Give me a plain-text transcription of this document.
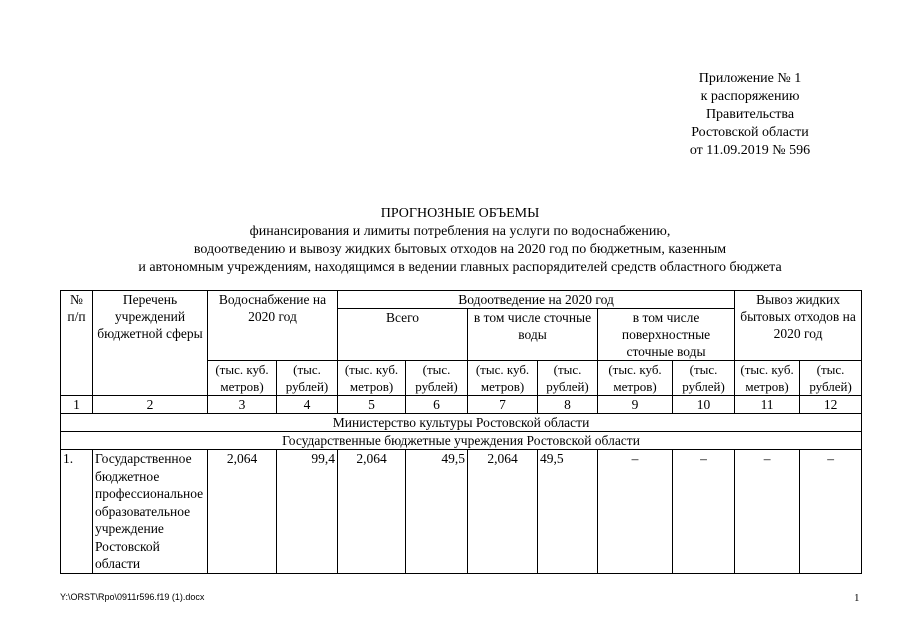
Приложение № 1
к распоряжению
Правительства
Ростовской области
от 11.09.2019 № 596
ПРОГНОЗНЫЕ ОБЪЕМЫ
финансирования и лимиты потребления на услуги по водоснабжению,
водоотведению и вывозу жидких бытовых отходов на 2020 год по бюджетным, казенным
и автономным учреждениям, находящимся в ведении главных распорядителей средств областного бюджета
№ п/п	Перечень учреждений бюджетной сферы	Водоснабжение на 2020 год		Водоотведение на 2020 год						Вывоз жидких бытовых отходов на 2020 год	
				Всего		в том числе сточные воды		в том числе поверхностные сточные воды			
		(тыс. куб. метров)	(тыс. рублей)	(тыс. куб. метров)	(тыс. рублей)	(тыс. куб. метров)	(тыс. рублей)	(тыс. куб. метров)	(тыс. рублей)	(тыс. куб. метров)	(тыс. рублей)
1	2	3	4	5	6	7	8	9	10	11	12
Министерство культуры Ростовской области											
Государственные бюджетные учреждения Ростовской области											
1.	Государственное бюджетное профессиональное образовательное учреждение Ростовской области	2,064	99,4	2,064	49,5	2,064	49,5	–	–	–	–
Y:\ORST\Rpo\0911r596.f19 (1).docx	1
